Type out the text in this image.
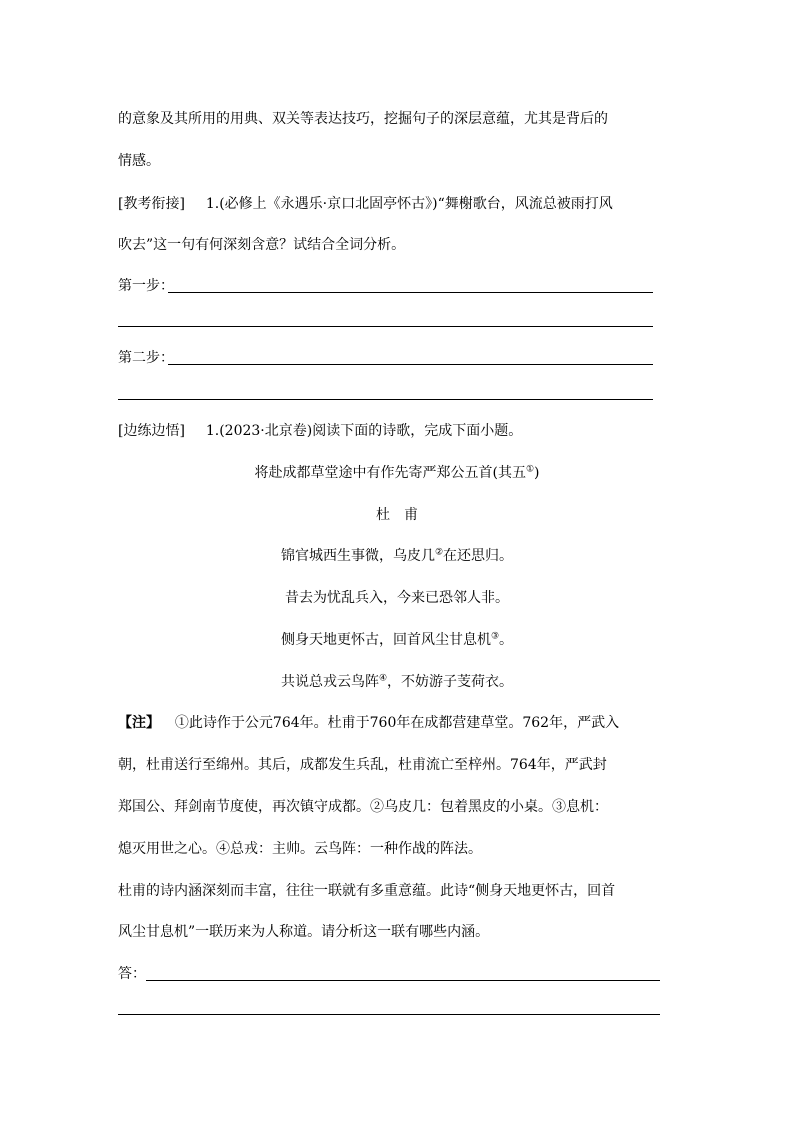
的意象及其所用的用典、双关等表达技巧，挖掘句子的深层意蕴，尤其是背后的
情感。
[教考衔接] 1.(必修上《永遇乐·京口北固亭怀古》)“舞榭歌台，风流总被雨打风
吹去”这一句有何深刻含意？试结合全词分析。
第一步：
第二步：
[边练边悟] 1.(2023·北京卷)阅读下面的诗歌，完成下面小题。
将赴成都草堂途中有作先寄严郑公五首(其五①)
杜　甫
锦官城西生事微，乌皮几②在还思归。
昔去为忧乱兵入，今来已恐邻人非。
侧身天地更怀古，回首风尘甘息机③。
共说总戎云鸟阵④，不妨游子芰荷衣。
【注】 ①此诗作于公元764年。杜甫于760年在成都营建草堂。762年，严武入
朝，杜甫送行至绵州。其后，成都发生兵乱，杜甫流亡至梓州。764年，严武封
郑国公、拜剑南节度使，再次镇守成都。②乌皮几：包着黑皮的小桌。③息机：
熄灭用世之心。④总戎：主帅。云鸟阵：一种作战的阵法。
杜甫的诗内涵深刻而丰富，往往一联就有多重意蕴。此诗“侧身天地更怀古，回首
风尘甘息机”一联历来为人称道。请分析这一联有哪些内涵。
答：
